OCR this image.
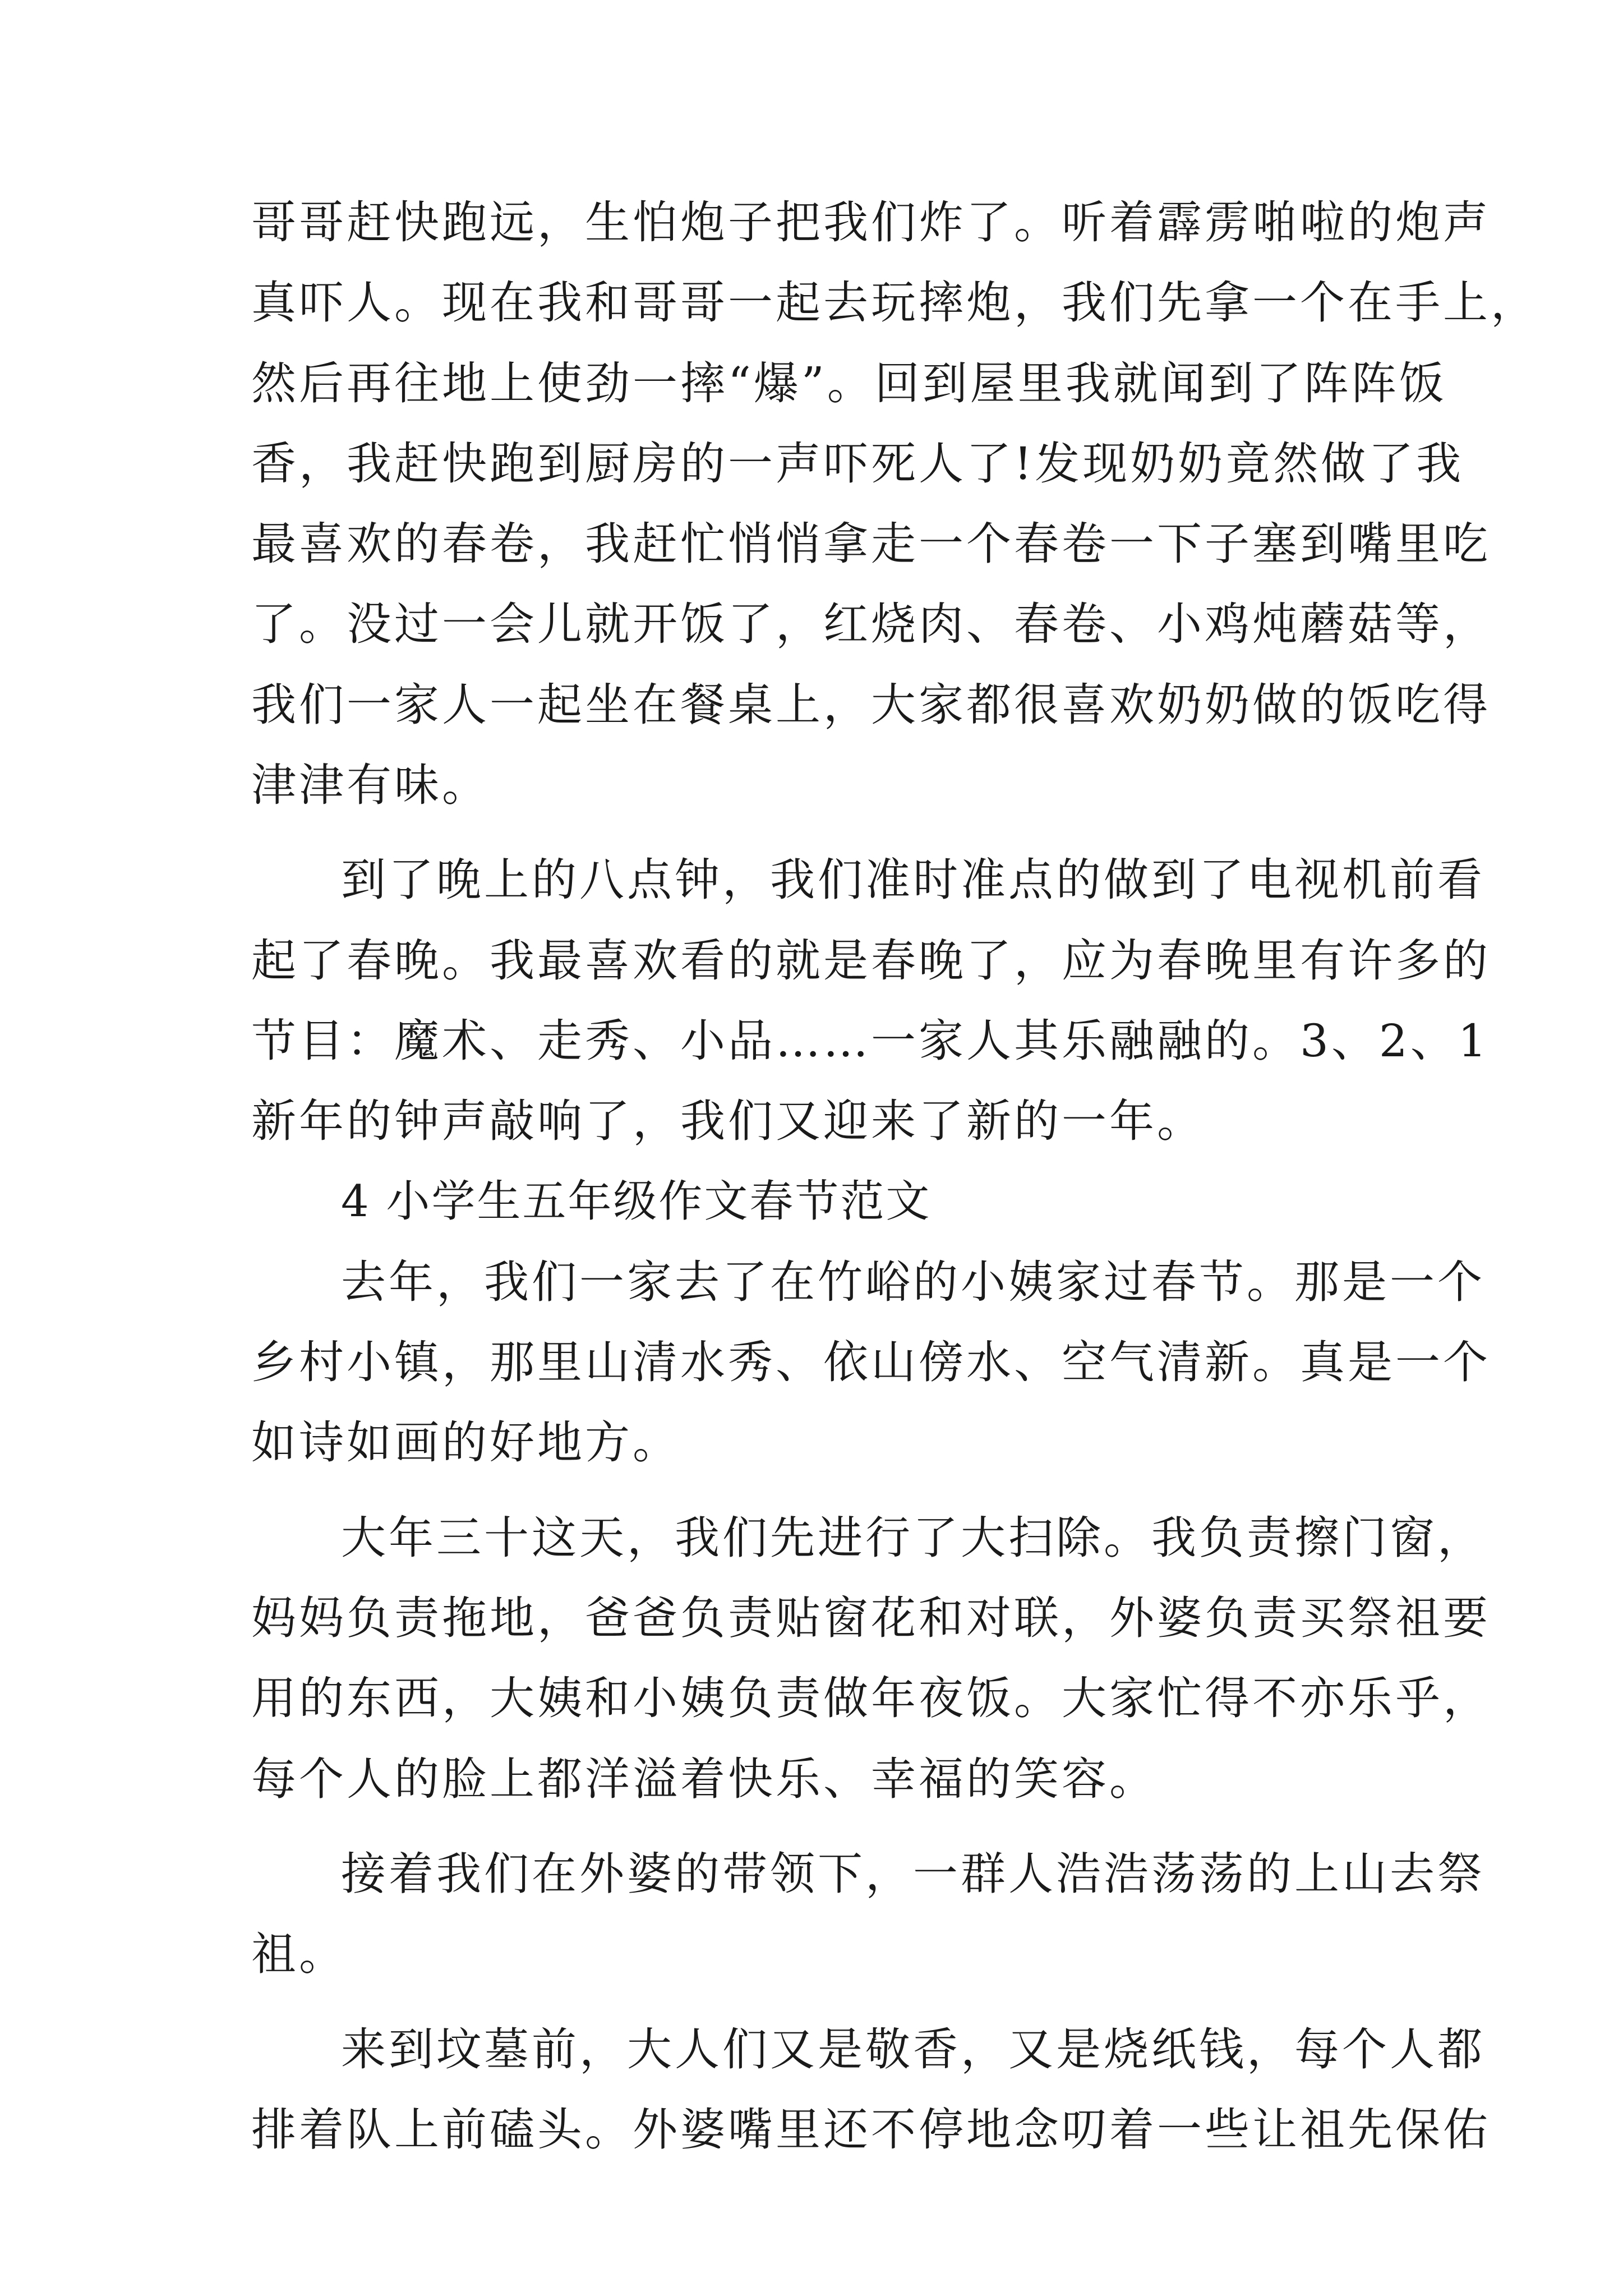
哥哥赶快跑远，生怕炮子把我们炸了。听着霹雳啪啦的炮声
真吓人。现在我和哥哥一起去玩摔炮，我们先拿一个在手上，
然后再往地上使劲一摔“爆”。回到屋里我就闻到了阵阵饭
香，我赶快跑到厨房的一声吓死人了!发现奶奶竟然做了我
最喜欢的春卷，我赶忙悄悄拿走一个春卷一下子塞到嘴里吃
了。没过一会儿就开饭了，红烧肉、春卷、小鸡炖蘑菇等，
我们一家人一起坐在餐桌上，大家都很喜欢奶奶做的饭吃得
津津有味。
到了晚上的八点钟，我们准时准点的做到了电视机前看
起了春晚。我最喜欢看的就是春晚了，应为春晚里有许多的
节目：魔术、走秀、小品……一家人其乐融融的。3、2、1
新年的钟声敲响了，我们又迎来了新的一年。
4 小学生五年级作文春节范文
去年，我们一家去了在竹峪的小姨家过春节。那是一个
乡村小镇，那里山清水秀、依山傍水、空气清新。真是一个
如诗如画的好地方。
大年三十这天，我们先进行了大扫除。我负责擦门窗，
妈妈负责拖地，爸爸负责贴窗花和对联，外婆负责买祭祖要
用的东西，大姨和小姨负责做年夜饭。大家忙得不亦乐乎，
每个人的脸上都洋溢着快乐、幸福的笑容。
接着我们在外婆的带领下，一群人浩浩荡荡的上山去祭
祖。
来到坟墓前，大人们又是敬香，又是烧纸钱，每个人都
排着队上前磕头。外婆嘴里还不停地念叨着一些让祖先保佑
